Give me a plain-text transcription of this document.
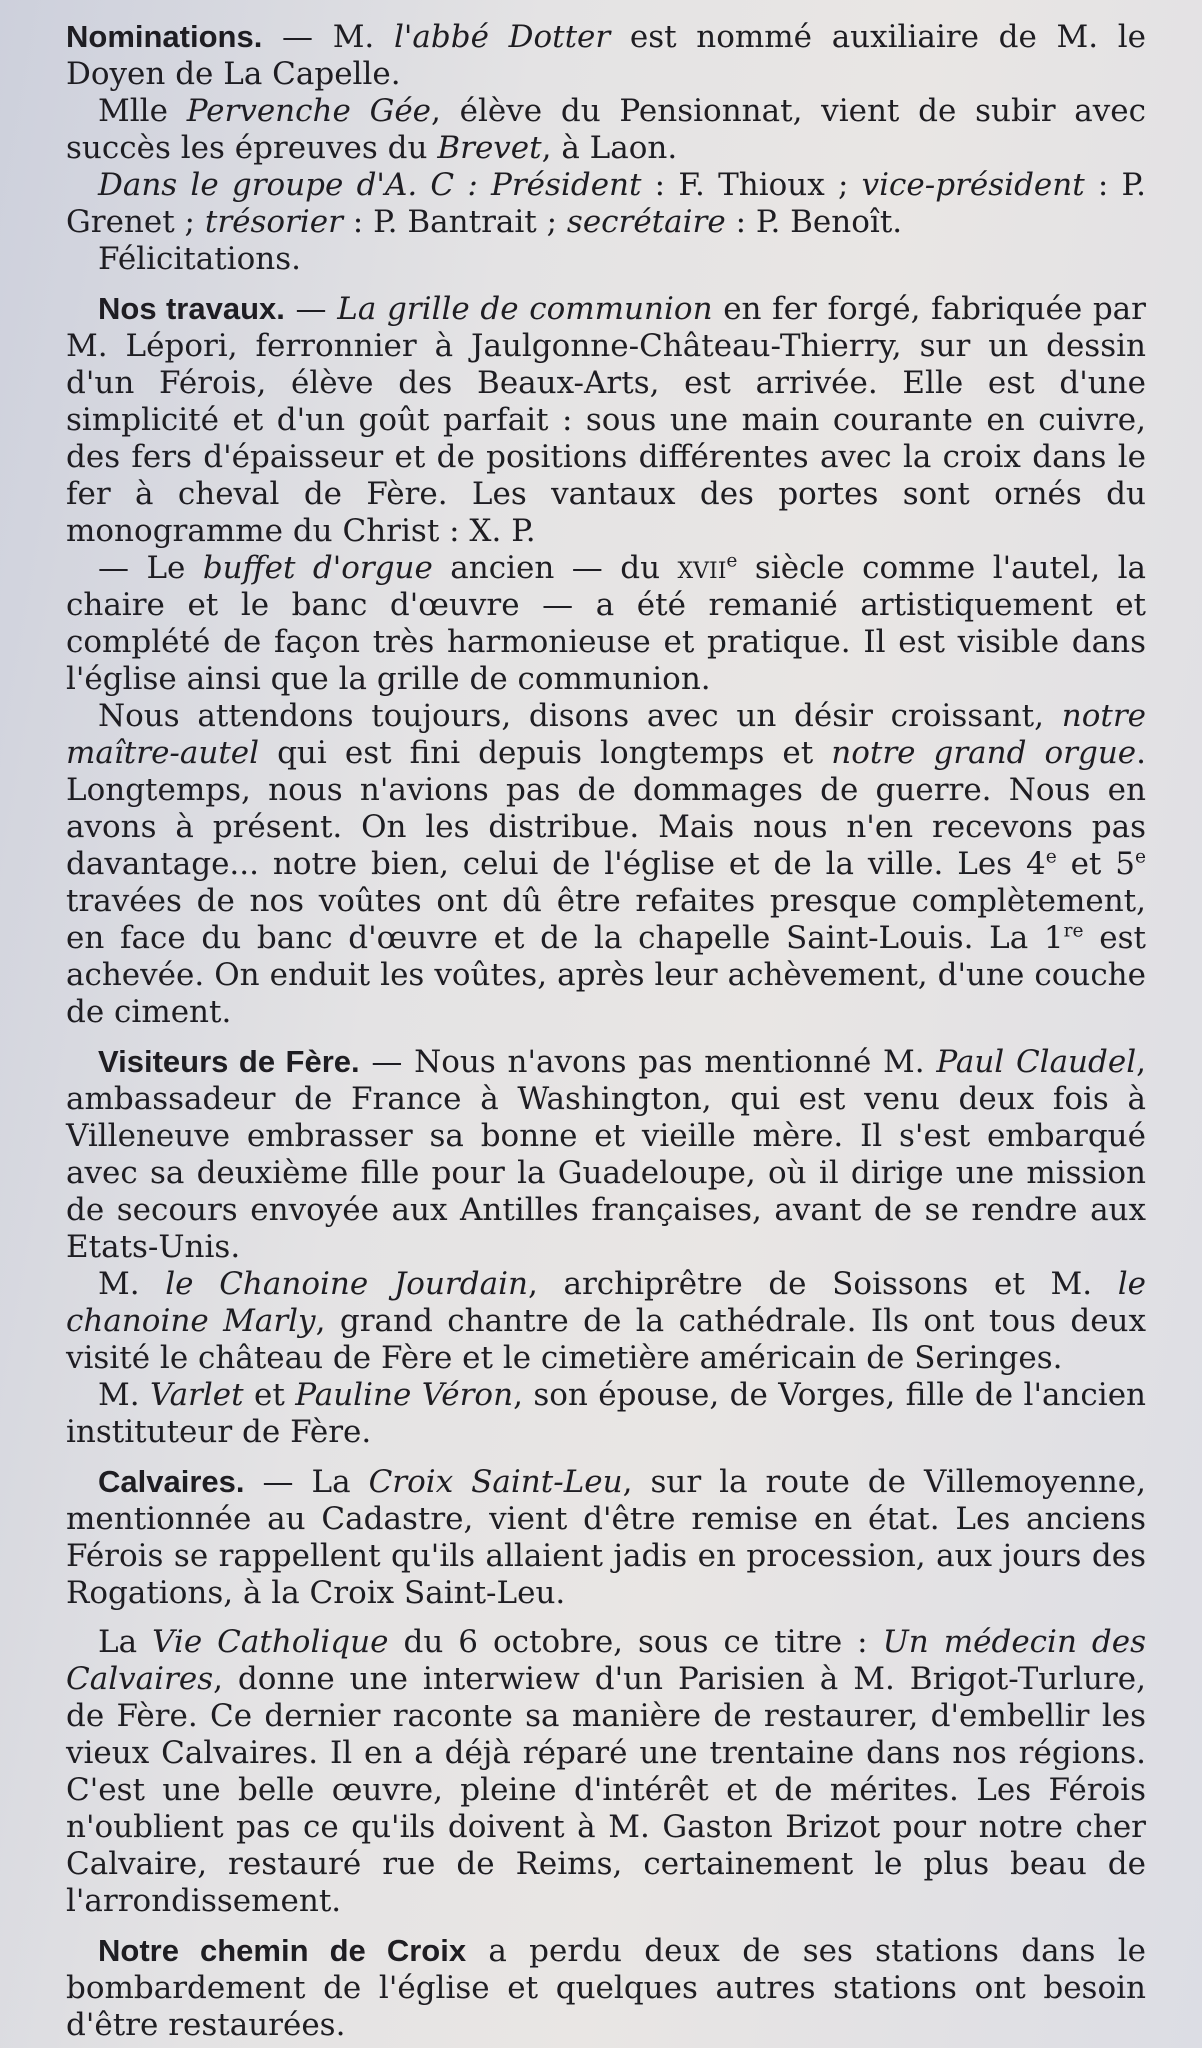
Nominations. — M. l'abbé Dotter est nommé auxiliaire de M. le Doyen de La Capelle.

Mlle Pervenche Gée, élève du Pensionnat, vient de subir avec succès les épreuves du Brevet, à Laon.

Dans le groupe d'A. C : Président : F. Thioux ; vice-président : P. Grenet ; trésorier : P. Bantrait ; secrétaire : P. Benoît.

Félicitations.

Nos travaux. — La grille de communion en fer forgé, fabriquée par M. Lépori, ferronnier à Jaulgonne-Château-Thierry, sur un dessin d'un Férois, élève des Beaux-Arts, est arrivée. Elle est d'une simplicité et d'un goût parfait : sous une main courante en cuivre, des fers d'épaisseur et de positions différentes avec la croix dans le fer à cheval de Fère. Les vantaux des portes sont ornés du monogramme du Christ : X. P.

— Le buffet d'orgue ancien — du xvii$^e$ siècle comme l'autel, la chaire et le banc d'œuvre — a été remanié artistiquement et complété de façon très harmonieuse et pratique. Il est visible dans l'église ainsi que la grille de communion.

Nous attendons toujours, disons avec un désir croissant, notre maître-autel qui est fini depuis longtemps et notre grand orgue. Longtemps, nous n'avions pas de dommages de guerre. Nous en avons à présent. On les distribue. Mais nous n'en recevons pas davantage... notre bien, celui de l'église et de la ville. Les 4e et 5e travées de nos voûtes ont dû être refaites presque complètement, en face du banc d'œuvre et de la chapelle Saint-Louis. La 1re est achevée. On enduit les voûtes, après leur achèvement, d'une couche de ciment.

Visiteurs de Fère. — Nous n'avons pas mentionné M. Paul Claudel, ambassadeur de France à Washington, qui est venu deux fois à Villeneuve embrasser sa bonne et vieille mère. Il s'est embarqué avec sa deuxième fille pour la Guadeloupe, où il dirige une mission de secours envoyée aux Antilles françaises, avant de se rendre aux Etats-Unis.

M. le Chanoine Jourdain, archiprêtre de Soissons et M. le chanoine Marly, grand chantre de la cathédrale. Ils ont tous deux visité le château de Fère et le cimetière américain de Seringes.

M. Varlet et Pauline Véron, son épouse, de Vorges, fille de l'ancien instituteur de Fère.

Calvaires. — La Croix Saint-Leu, sur la route de Villemoyenne, mentionnée au Cadastre, vient d'être remise en état. Les anciens Férois se rappellent qu'ils allaient jadis en procession, aux jours des Rogations, à la Croix Saint-Leu.

La Vie Catholique du 6 octobre, sous ce titre : Un médecin des Calvaires, donne une interwiew d'un Parisien à M. Brigot-Turlure, de Fère. Ce dernier raconte sa manière de restaurer, d'embellir les vieux Calvaires. Il en a déjà réparé une trentaine dans nos régions. C'est une belle œuvre, pleine d'intérêt et de mérites. Les Férois n'oublient pas ce qu'ils doivent à M. Gaston Brizot pour notre cher Calvaire, restauré rue de Reims, certainement le plus beau de l'arrondissement.

Notre chemin de Croix a perdu deux de ses stations dans le bombardement de l'église et quelques autres stations ont besoin d'être restaurées.
